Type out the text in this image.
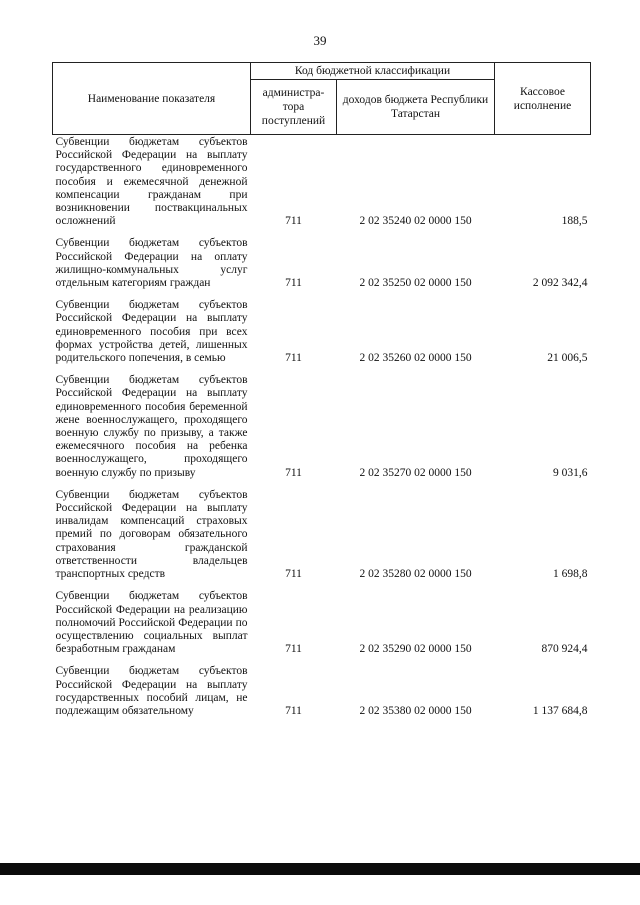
39
Наименование показателя	Код бюджетной классификации		Кассовое исполнение
	администра-тора поступлений	доходов бюджета Республики Татарстан	
Субвенции бюджетам субъектов Российской Федерации на выплату государственного единовременного пособия и ежемесячной денежной компенсации гражданам при возникновении поствакцинальных осложнений	711	2 02 35240 02 0000 150	188,5
Субвенции бюджетам субъектов Российской Федерации на оплату жилищно-коммунальных услуг отдельным категориям граждан	711	2 02 35250 02 0000 150	2 092 342,4
Субвенции бюджетам субъектов Российской Федерации на выплату единовременного пособия при всех формах устройства детей, лишенных родительского попечения, в семью	711	2 02 35260 02 0000 150	21 006,5
Субвенции бюджетам субъектов Российской Федерации на выплату единовременного пособия беременной жене военнослужащего, проходящего военную службу по призыву, а также ежемесячного пособия на ребенка военнослужащего, проходящего военную службу по призыву	711	2 02 35270 02 0000 150	9 031,6
Субвенции бюджетам субъектов Российской Федерации на выплату инвалидам компенсаций страховых премий по договорам обязательного страхования гражданской ответственности владельцев транспортных средств	711	2 02 35280 02 0000 150	1 698,8
Субвенции бюджетам субъектов Российской Федерации на реализацию полномочий Российской Федерации по осуществлению социальных выплат безработным гражданам	711	2 02 35290 02 0000 150	870 924,4
Субвенции бюджетам субъектов Российской Федерации на выплату государственных пособий лицам, не подлежащим обязательному	711	2 02 35380 02 0000 150	1 137 684,8
